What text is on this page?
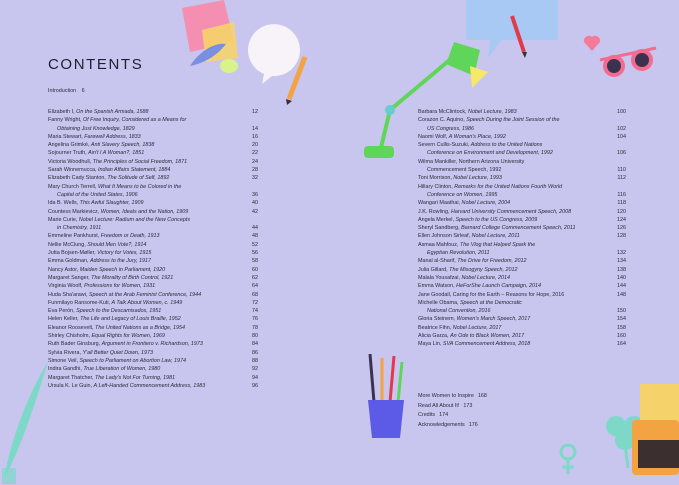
CONTENTS
Introduction 6
Elizabeth I, On the Spanish Armada, 1588	12
Fanny Wright, Of Free Inquiry, Considered as a Means for
Obtaining Just Knowledge, 1829	14
Maria Stewart, Farewell Address, 1833	16
Angelina Grimké, Anti Slavery Speech, 1838	20
Sojourner Truth, Ain't I A Woman?, 1851	22
Victoria Woodhull, The Principles of Social Freedom, 1871	24
Sarah Winnemucca, Indian Affairs Statement, 1884	28
Elizabeth Cady Stanton, The Solitude of Self, 1892	32
Mary Church Terrell, What It Means to be Colored in the
Capital of the United States, 1906	36
Ida B. Wells, This Awful Slaughter, 1909	40
Countess Markievicz, Women, Ideals and the Nation, 1909	42
Marie Curie, Nobel Lecture: Radium and the New Concepts
in Chemistry, 1911	44
Emmeline Pankhurst, Freedom or Death, 1913	48
Nellie McClung, Should Men Vote?, 1914	52
Jutta Bojsen-Møller, Victory for Votes, 1915	56
Emma Goldman, Address to the Jury, 1917	58
Nancy Astor, Maiden Speech in Parliament, 1920	60
Margaret Sanger, The Morality of Birth Control, 1921	62
Virginia Woolf, Professions for Women, 1931	64
Huda Sha'arawi, Speech at the Arab Feminist Conference, 1944	68
Funmilayo Ransome-Kuti, A Talk About Women, c. 1949	72
Eva Perón, Speech to the Descamisados, 1951	74
Helen Keller, The Life and Legacy of Louis Braille, 1952	76
Eleanor Roosevelt, The United Nations as a Bridge, 1954	78
Shirley Chisholm, Equal Rights for Women, 1969	80
Ruth Bader Ginsburg, Argument in Frontiero v. Richardson, 1973	84
Sylvia Rivera, Y'all Better Quiet Down, 1973	86
Simone Veil, Speech to Parliament on Abortion Law, 1974	88
Indira Gandhi, True Liberation of Women, 1980	92
Margaret Thatcher, The Lady's Not For Turning, 1981	94
Ursula K. Le Guin, A Left-Handed Commencement Address, 1983	96
Barbara McClintock, Nobel Lecture, 1983	100
Corazon C. Aquino, Speech During the Joint Session of the
US Congress, 1986	102
Naomi Wolf, A Woman's Place, 1992	104
Severn Cullis-Suzuki, Address to the United Nations
Conference on Environment and Development, 1992	106
Wilma Mankiller, Northern Arizona University
Commencement Speech, 1992	110
Toni Morrison, Nobel Lecture, 1993	112
Hillary Clinton, Remarks for the United Nations Fourth World
Conference on Women, 1995	116
Wangari Maathai, Nobel Lecture, 2004	118
J.K. Rowling, Harvard University Commencement Speech, 2008	120
Angela Merkel, Speech to the US Congress, 2009	124
Sheryl Sandberg, Barnard College Commencement Speech, 2011	126
Ellen Johnson Sirleaf, Nobel Lecture, 2011	128
Asmaa Mahfouz, The Vlog that Helped Spark the
Egyptian Revolution, 2011	132
Manal al-Sharif, The Drive for Freedom, 2012	134
Julia Gillard, The Misogyny Speech, 2012	138
Malala Yousafzai, Nobel Lecture, 2014	140
Emma Watson, HeForShe Launch Campaign, 2014	144
Jane Goodall, Caring for the Earth – Reasons for Hope, 2016	148
Michelle Obama, Speech at the Democratic
National Convention, 2016	150
Gloria Steinem, Women's March Speech, 2017	154
Beatrice Fihn, Nobel Lecture, 2017	158
Alicia Garza, An Ode to Black Women, 2017	160
Maya Lin, SVA Commencement Address, 2018	164
More Women to Inspire 168
Read All About It! 173
Credits 174
Acknowledgements 176
